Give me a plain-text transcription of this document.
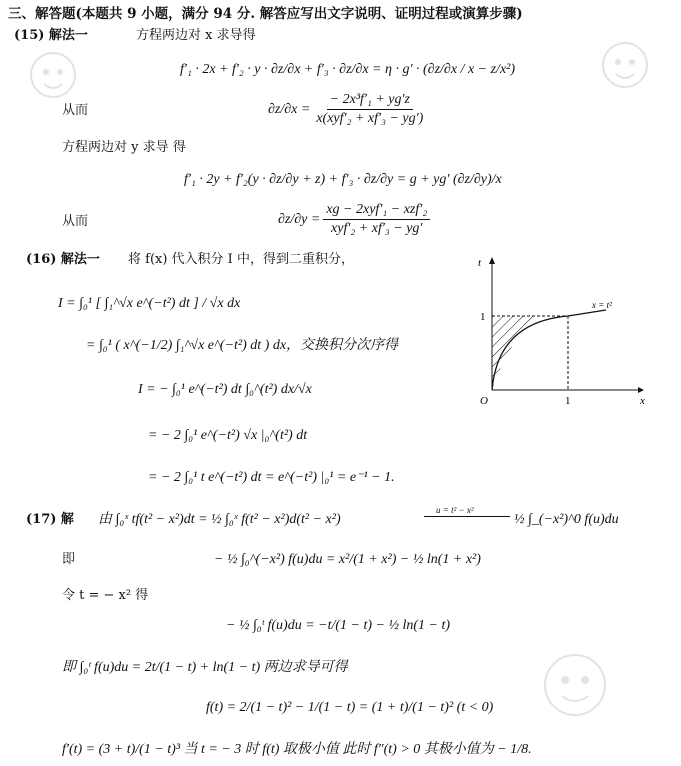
三、解答题(本题共 9 小题，满分 94 分. 解答应写出文字说明、证明过程或演算步骤)
(15) 解法一	方程两边对 x 求导得
f′₁ · 2x + f′₂ · y · ∂z/∂x + f′₃ · ∂z/∂x = η · g′ · (∂z/∂x / x − z/x²)
从而	$\partial z/\partial x = \frac{\text{− 2x³f′₁ + yg′z}}{\text{x(xyf′₂ + xf′₃ − yg′)}}$
方程两边对 y 求导 得
f′₁ · 2y + f′₂(y · ∂z/∂y + z) + f′₃ · ∂z/∂y = g + yg′ (∂z/∂y)/x
从而	$\partial z/\partial y = \frac{\text{xg − 2xyf′₁ − xzf′₂}}{\text{xyf′₂ + xf′₃ − yg′}}$
(16) 解法一 将 f(x) 代入积分 I 中，得到二重积分，
I = ∫₀¹ [ ∫₁^√x e^(−t²) dt ] / √x dx
= ∫₀¹ ( x^(−1/2) ∫₁^√x e^(−t²) dt ) dx，交换积分次序得
I = − ∫₀¹ e^(−t²) dt ∫₀^(t²) dx/√x
= − 2 ∫₀¹ e^(−t²) √x |₀^(t²) dt
= − 2 ∫₀¹ t e^(−t²) dt = e^(−t²) |₀¹ = e⁻¹ − 1.
t
x
O	1
1
x = t²
(17) 解 由 ∫₀ˣ tf(t² − x²)dt = ½ ∫₀ˣ f(t² − x²)d(t² − x²)
u = t² − x²
½ ∫_(−x²)^0 f(u)du
即	− ½ ∫₀^(−x²) f(u)du = x²/(1 + x²) − ½ ln(1 + x²)
令 t = − x² 得
− ½ ∫₀ᵗ f(u)du = −t/(1 − t) − ½ ln(1 − t)
即 ∫₀ᵗ f(u)du = 2t/(1 − t) + ln(1 − t) 两边求导可得
f(t) = 2/(1 − t)² − 1/(1 − t) = (1 + t)/(1 − t)² (t < 0)
f′(t) = (3 + t)/(1 − t)³ 当 t = − 3 时 f(t) 取极小值 此时 f″(t) > 0 其极小值为 − 1/8.
